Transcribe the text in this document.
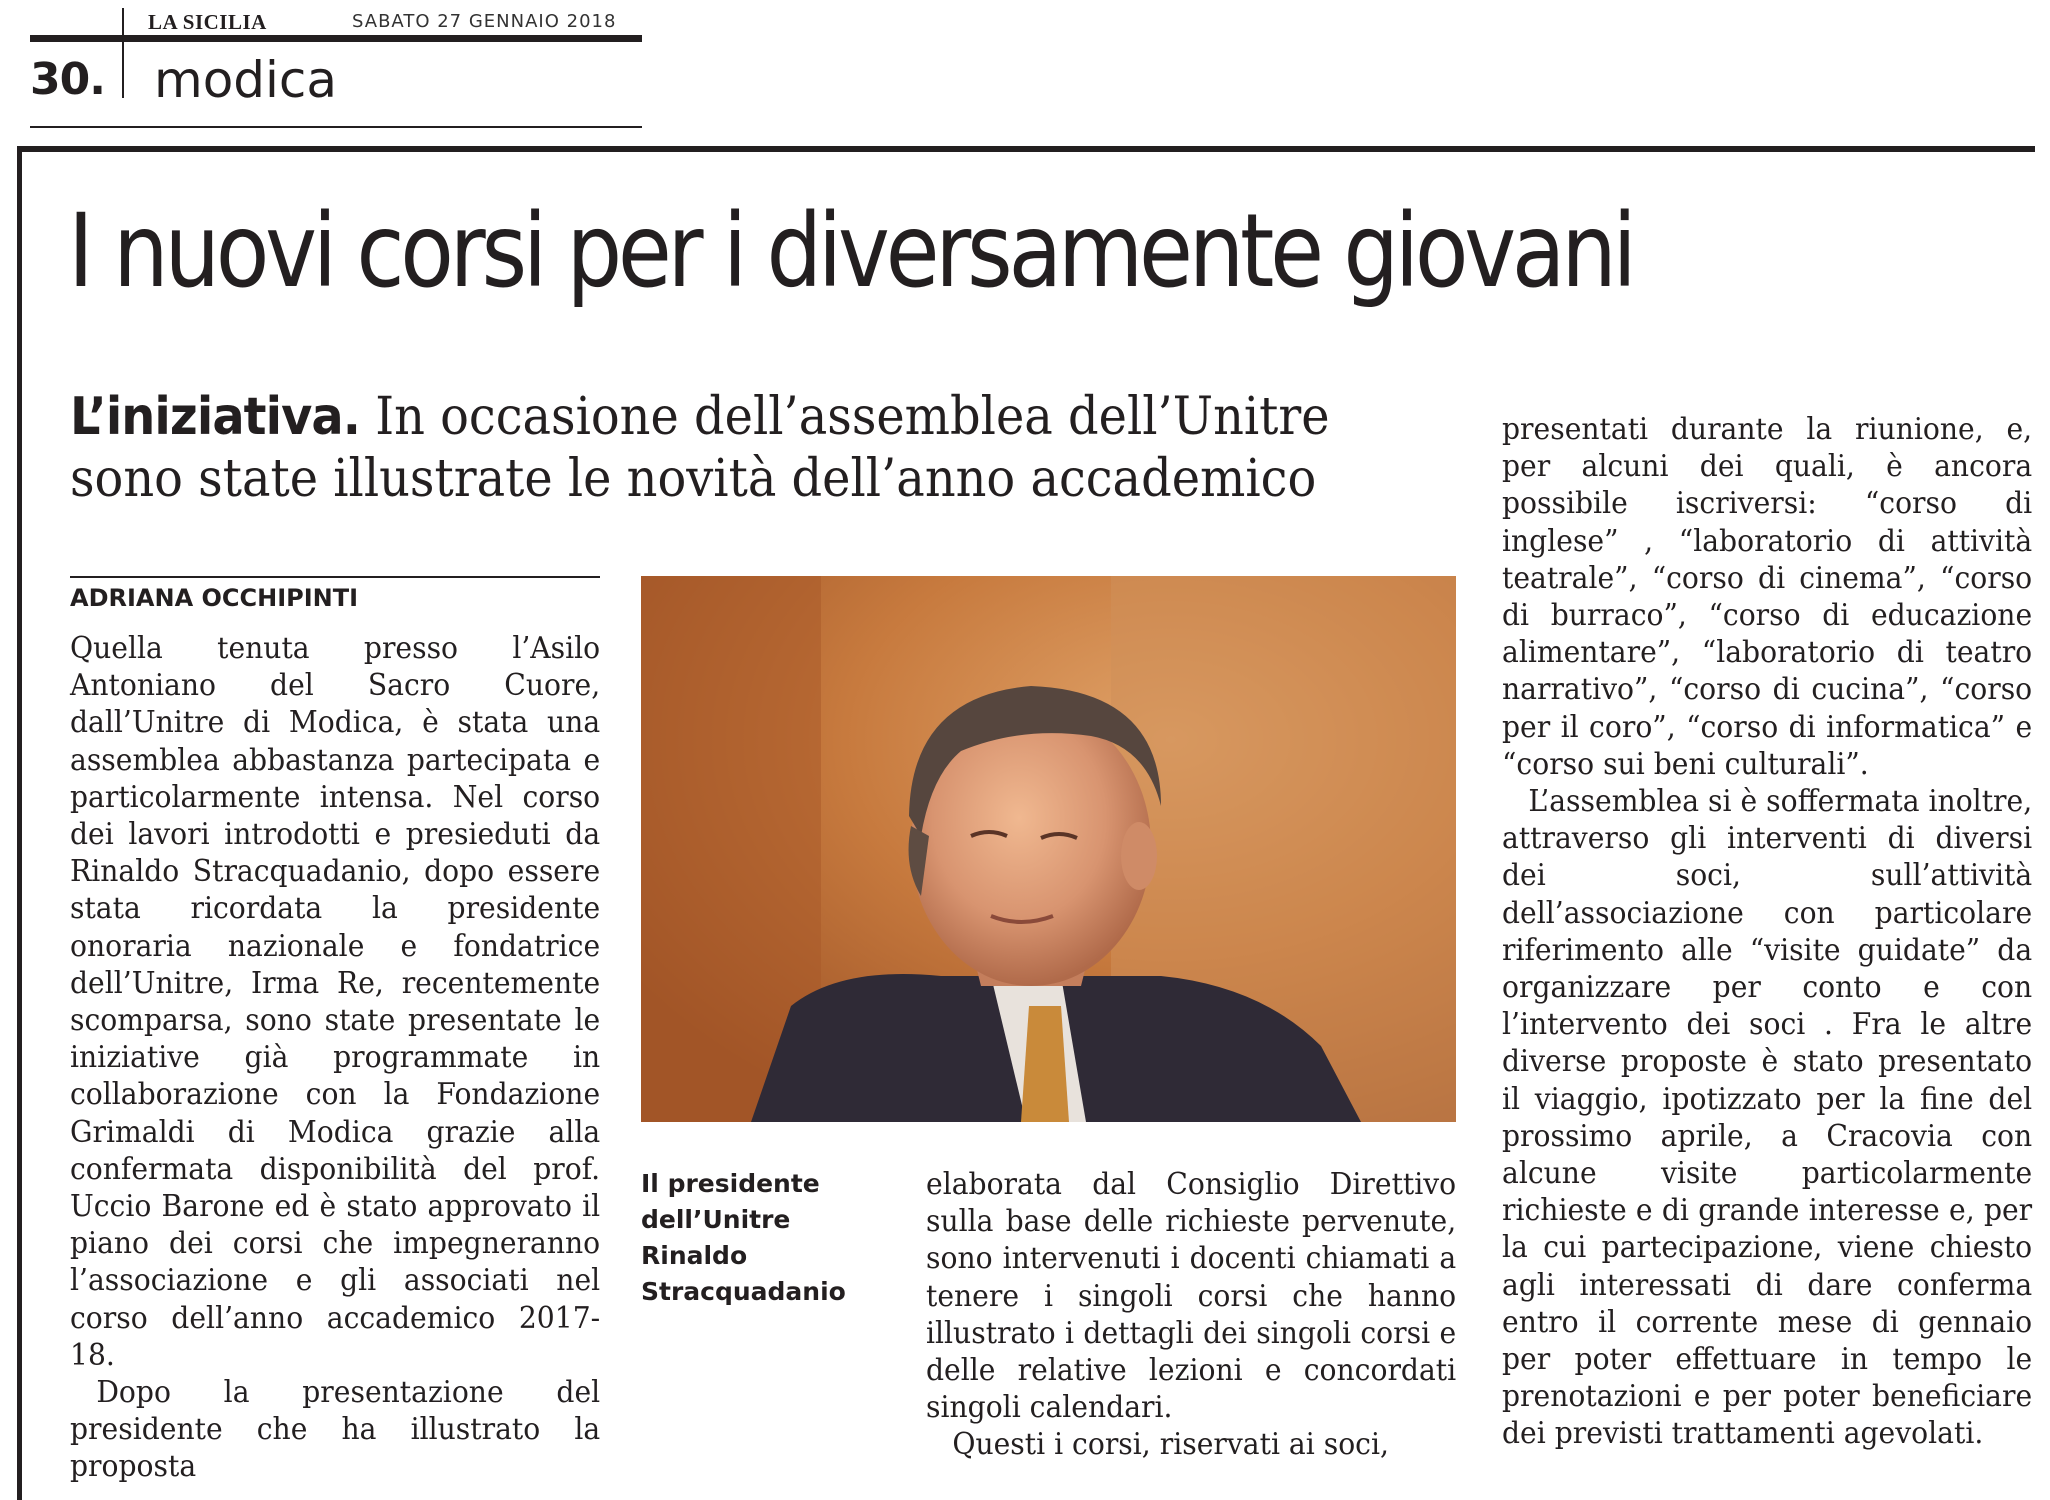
LA SICILIA	SABATO 27 GENNAIO 2018
30. modica
I nuovi corsi per i diversamente giovani
L’iniziativa. In occasione dell’assemblea dell’Unitre sono state illustrate le novità dell’anno accademico
ADRIANA OCCHIPINTI

Quella tenuta presso l’Asilo Antoniano del Sacro Cuore, dall’Unitre di Modica, è stata una assemblea abbastanza partecipata e particolarmente intensa. Nel corso dei lavori introdotti e presieduti da Rinaldo Stracquadanio, dopo essere stata ricordata la presidente onoraria nazionale e fondatrice dell’Unitre, Irma Re, recentemente scomparsa, sono state presentate le iniziative già programmate in collaborazione con la Fondazione Grimaldi di Modica grazie alla confermata disponibilità del prof. Uccio Barone ed è stato approvato il piano dei corsi che impegneranno l’associazione e gli associati nel corso dell’anno accademico 2017-18.

Dopo la presentazione del presidente che ha illustrato la proposta

Il presidente dell’Unitre Rinaldo Stracquadanio

elaborata dal Consiglio Direttivo sulla base delle richieste pervenute, sono intervenuti i docenti chiamati a tenere i singoli corsi che hanno illustrato i dettagli dei singoli corsi e delle relative lezioni e concordati singoli calendari.

Questi i corsi, riservati ai soci,

presentati durante la riunione, e, per alcuni dei quali, è ancora possibile iscriversi: “corso di inglese” , “laboratorio di attività teatrale”, “corso di cinema”, “corso di burraco”, “corso di educazione alimentare”, “laboratorio di teatro narrativo”, “corso di cucina”, “corso per il coro”, “corso di informatica” e “corso sui beni culturali”.

L’assemblea si è soffermata inoltre, attraverso gli interventi di diversi dei soci, sull’attività dell’associazione con particolare riferimento alle “visite guidate” da organizzare per conto e con l’intervento dei soci . Fra le altre diverse proposte è stato presentato il viaggio, ipotizzato per la fine del prossimo aprile, a Cracovia con alcune visite particolarmente richieste e di grande interesse e, per la cui partecipazione, viene chiesto agli interessati di dare conferma entro il corrente mese di gennaio per poter effettuare in tempo le prenotazioni e per poter beneficiare dei previsti trattamenti agevolati.
